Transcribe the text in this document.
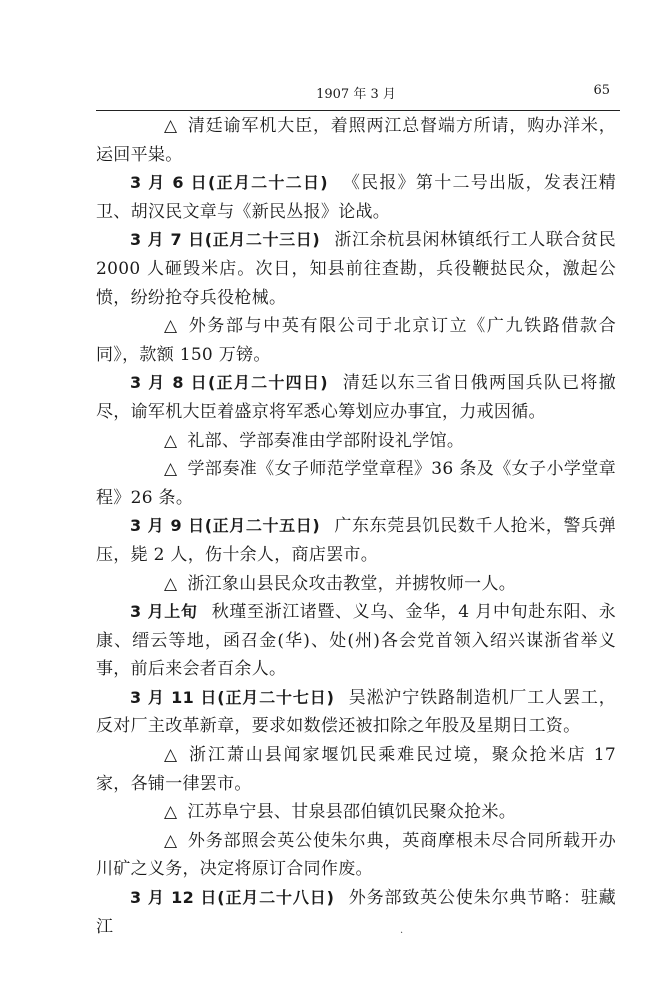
1907 年 3 月	65

△ 清廷谕军机大臣，着照两江总督端方所请，购办洋米，运回平粜。

3 月 6 日(正月二十二日) 《民报》第十二号出版，发表汪精卫、胡汉民文章与《新民丛报》论战。

3 月 7 日(正月二十三日) 浙江余杭县闲林镇纸行工人联合贫民 2000 人砸毁米店。次日，知县前往查勘，兵役鞭挞民众，激起公愤，纷纷抢夺兵役枪械。

△ 外务部与中英有限公司于北京订立《广九铁路借款合同》，款额 150 万镑。

3 月 8 日(正月二十四日) 清廷以东三省日俄两国兵队已将撤尽，谕军机大臣着盛京将军悉心筹划应办事宜，力戒因循。

△ 礼部、学部奏准由学部附设礼学馆。

△ 学部奏准《女子师范学堂章程》36 条及《女子小学堂章程》26 条。

3 月 9 日(正月二十五日) 广东东莞县饥民数千人抢米，警兵弹压，毙 2 人，伤十余人，商店罢市。

△ 浙江象山县民众攻击教堂，并掳牧师一人。

3 月上旬 秋瑾至浙江诸暨、义乌、金华，4 月中旬赴东阳、永康、缙云等地，函召金(华)、处(州)各会党首领入绍兴谋浙省举义事，前后来会者百余人。

3 月 11 日(正月二十七日) 吴淞沪宁铁路制造机厂工人罢工，反对厂主改革新章，要求如数偿还被扣除之年股及星期日工资。

△ 浙江萧山县闻家堰饥民乘难民过境，聚众抢米店 17 家，各铺一律罢市。

△ 江苏阜宁县、甘泉县邵伯镇饥民聚众抢米。

△ 外务部照会英公使朱尔典，英商摩根未尽合同所载开办川矿之义务，决定将原订合同作废。

3 月 12 日(正月二十八日) 外务部致英公使朱尔典节略：驻藏江	·
